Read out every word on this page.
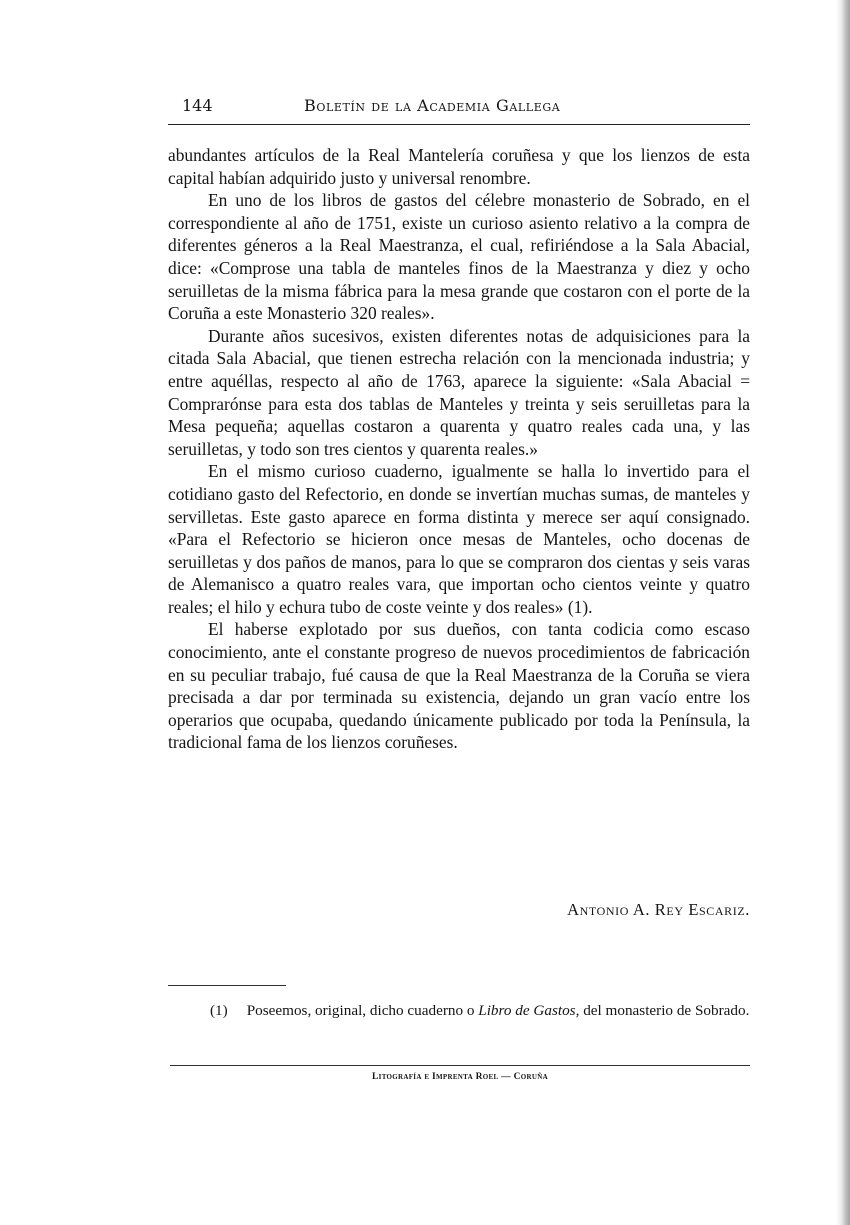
144	Boletín de la Academia Gallega

abundantes artículos de la Real Mantelería coruñesa y que los lienzos de esta capital habían adquirido justo y universal renombre.

En uno de los libros de gastos del célebre monasterio de Sobrado, en el correspondiente al año de 1751, existe un curioso asiento relativo a la compra de diferentes géneros a la Real Maestranza, el cual, refiriéndose a la Sala Abacial, dice: «Comprose una tabla de manteles finos de la Maestranza y diez y ocho seruilletas de la misma fábrica para la mesa grande que costaron con el porte de la Coruña a este Monasterio 320 reales».

Durante años sucesivos, existen diferentes notas de adquisiciones para la citada Sala Abacial, que tienen estrecha relación con la mencionada industria; y entre aquéllas, respecto al año de 1763, aparece la siguiente: «Sala Abacial = Comprarónse para esta dos tablas de Manteles y treinta y seis seruilletas para la Mesa pequeña; aquellas costaron a quarenta y quatro reales cada una, y las seruilletas, y todo son tres cientos y quarenta reales.»

En el mismo curioso cuaderno, igualmente se halla lo invertido para el cotidiano gasto del Refectorio, en donde se invertían muchas sumas, de manteles y servilletas. Este gasto aparece en forma distinta y merece ser aquí consignado. «Para el Refectorio se hicieron once mesas de Manteles, ocho docenas de seruilletas y dos paños de manos, para lo que se compraron dos cientas y seis varas de Alemanisco a quatro reales vara, que importan ocho cientos veinte y quatro reales; el hilo y echura tubo de coste veinte y dos reales» (1).

El haberse explotado por sus dueños, con tanta codicia como escaso conocimiento, ante el constante progreso de nuevos procedimientos de fabricación en su peculiar trabajo, fué causa de que la Real Maestranza de la Coruña se viera precisada a dar por terminada su existencia, dejando un gran vacío entre los operarios que ocupaba, quedando únicamente publicado por toda la Península, la tradicional fama de los lienzos coruñeses.

Antonio A. Rey Escariz.
(1)  Poseemos, original, dicho cuaderno o Libro de Gastos, del monasterio de Sobrado.
Litografía e Imprenta Roel — Coruña
